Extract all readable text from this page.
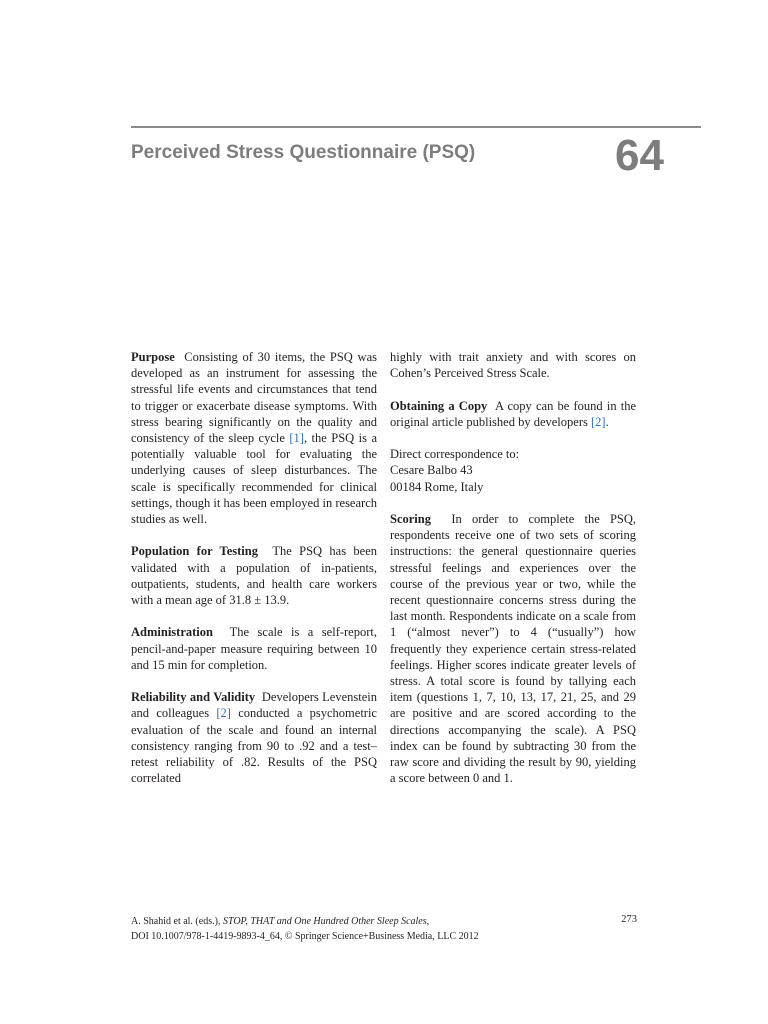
Perceived Stress Questionnaire (PSQ)	64

Purpose Consisting of 30 items, the PSQ was developed as an instrument for assessing the stressful life events and circumstances that tend to trigger or exacerbate disease symptoms. With stress bearing significantly on the quality and consistency of the sleep cycle [1], the PSQ is a potentially valuable tool for evaluating the underlying causes of sleep disturbances. The scale is specifically recommended for clinical settings, though it has been employed in research studies as well.

Population for Testing The PSQ has been validated with a population of in-patients, outpatients, students, and health care workers with a mean age of 31.8 ± 13.9.

Administration The scale is a self-report, pencil-and-paper measure requiring between 10 and 15 min for completion.

Reliability and Validity Developers Levenstein and colleagues [2] conducted a psychometric evaluation of the scale and found an internal consistency ranging from 90 to .92 and a test–retest reliability of .82. Results of the PSQ correlated

highly with trait anxiety and with scores on Cohen’s Perceived Stress Scale.

Obtaining a Copy A copy can be found in the original article published by developers [2].

Direct correspondence to:
Cesare Balbo 43
00184 Rome, Italy

Scoring In order to complete the PSQ, respondents receive one of two sets of scoring instructions: the general questionnaire queries stressful feelings and experiences over the course of the previous year or two, while the recent questionnaire concerns stress during the last month. Respondents indicate on a scale from 1 (“almost never”) to 4 (“usually”) how frequently they experience certain stress-related feelings. Higher scores indicate greater levels of stress. A total score is found by tallying each item (questions 1, 7, 10, 13, 17, 21, 25, and 29 are positive and are scored according to the directions accompanying the scale). A PSQ index can be found by subtracting 30 from the raw score and dividing the result by 90, yielding a score between 0 and 1.

A. Shahid et al. (eds.), STOP, THAT and One Hundred Other Sleep Scales,
DOI 10.1007/978-1-4419-9893-4_64, © Springer Science+Business Media, LLC 2012
273
